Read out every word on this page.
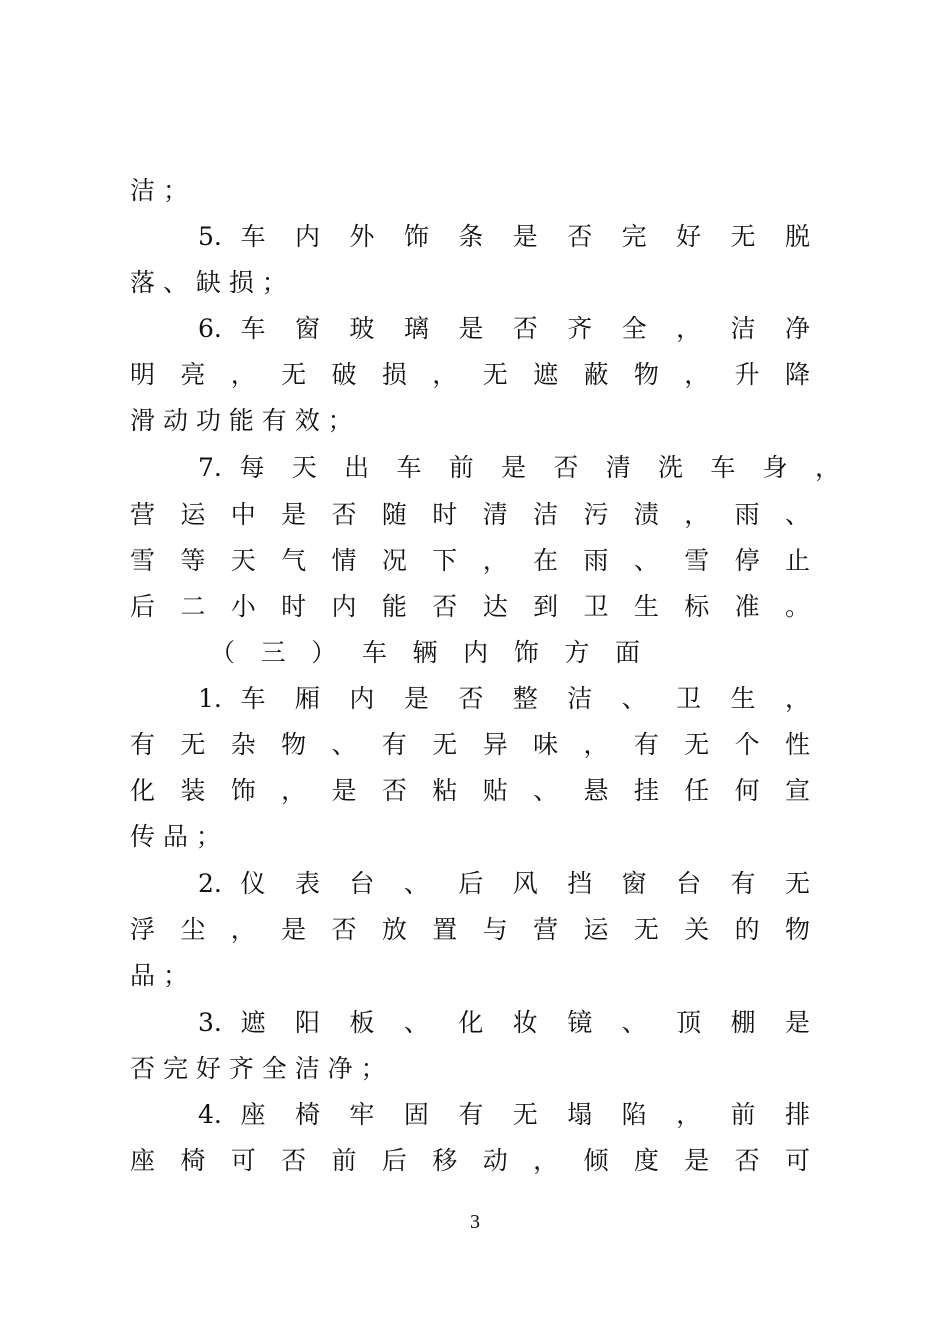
洁 ；
5. 车 内 外 饰 条 是 否 完 好 无 脱
落 、 缺 损 ；
6. 车 窗 玻 璃 是 否 齐 全 ， 洁 净
明 亮 ， 无 破 损 ， 无 遮 蔽 物 ， 升 降
滑 动 功 能 有 效 ；
7. 每 天 出 车 前 是 否 清 洗 车 身 ，
营 运 中 是 否 随 时 清 洁 污 渍 ， 雨 、
雪 等 天 气 情 况 下 ， 在 雨 、 雪 停 止
后 二 小 时 内 能 否 达 到 卫 生 标 准 。
（ 三 ） 车 辆 内 饰 方 面
1. 车 厢 内 是 否 整 洁 、 卫 生 ，
有 无 杂 物 、 有 无 异 味 ， 有 无 个 性
化 装 饰 ， 是 否 粘 贴 、 悬 挂 任 何 宣
传 品 ；
2. 仪 表 台 、 后 风 挡 窗 台 有 无
浮 尘 ， 是 否 放 置 与 营 运 无 关 的 物
品 ；
3. 遮 阳 板 、 化 妆 镜 、 顶 棚 是
否 完 好 齐 全 洁 净 ；
4. 座 椅 牢 固 有 无 塌 陷 ， 前 排
座 椅 可 否 前 后 移 动 ， 倾 度 是 否 可
3
